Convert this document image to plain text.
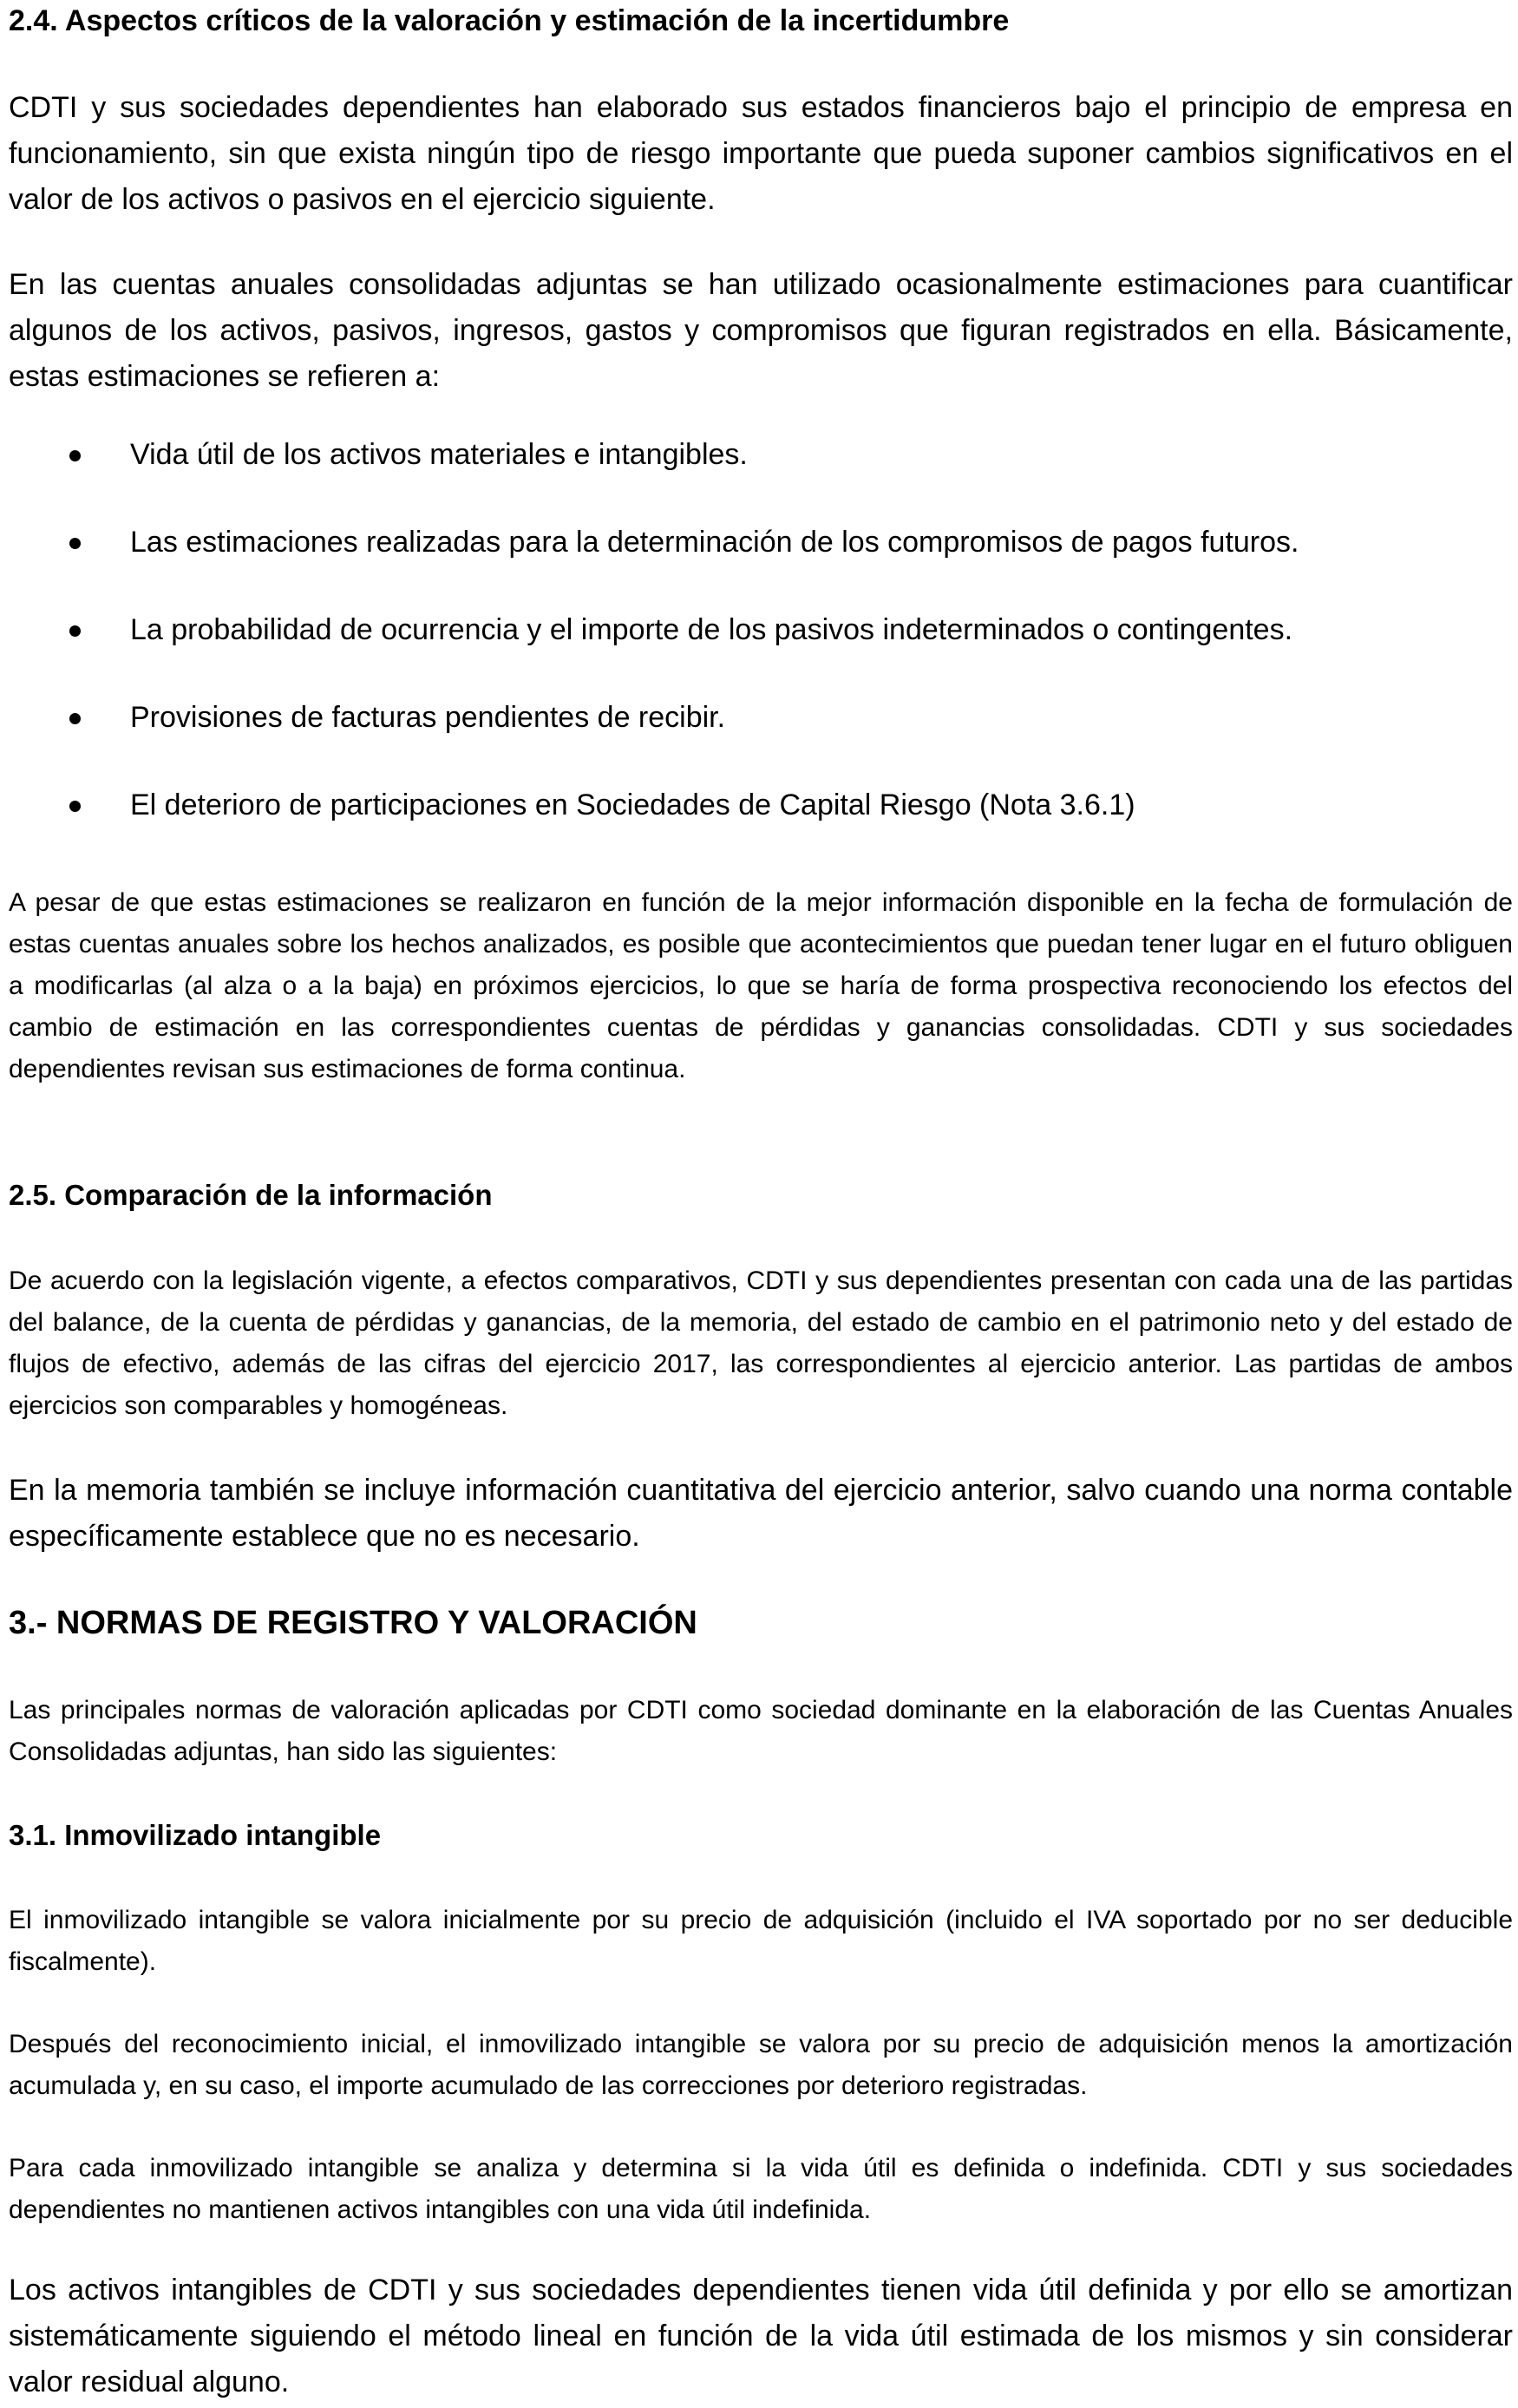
2.4. Aspectos críticos de la valoración y estimación de la incertidumbre

CDTI y sus sociedades dependientes han elaborado sus estados financieros bajo el principio de empresa en funcionamiento, sin que exista ningún tipo de riesgo importante que pueda suponer cambios significativos en el valor de los activos o pasivos en el ejercicio siguiente.

En las cuentas anuales consolidadas adjuntas se han utilizado ocasionalmente estimaciones para cuantificar algunos de los activos, pasivos, ingresos, gastos y compromisos que figuran registrados en ella. Básicamente, estas estimaciones se refieren a:

Vida útil de los activos materiales e intangibles.
Las estimaciones realizadas para la determinación de los compromisos de pagos futuros.
La probabilidad de ocurrencia y el importe de los pasivos indeterminados o contingentes.
Provisiones de facturas pendientes de recibir.
El deterioro de participaciones en Sociedades de Capital Riesgo (Nota 3.6.1)

A pesar de que estas estimaciones se realizaron en función de la mejor información disponible en la fecha de formulación de estas cuentas anuales sobre los hechos analizados, es posible que acontecimientos que puedan tener lugar en el futuro obliguen a modificarlas (al alza o a la baja) en próximos ejercicios, lo que se haría de forma prospectiva reconociendo los efectos del cambio de estimación en las correspondientes cuentas de pérdidas y ganancias consolidadas. CDTI y sus sociedades dependientes revisan sus estimaciones de forma continua.

2.5. Comparación de la información

De acuerdo con la legislación vigente, a efectos comparativos, CDTI y sus dependientes presentan con cada una de las partidas del balance, de la cuenta de pérdidas y ganancias, de la memoria, del estado de cambio en el patrimonio neto y del estado de flujos de efectivo, además de las cifras del ejercicio 2017, las correspondientes al ejercicio anterior. Las partidas de ambos ejercicios son comparables y homogéneas.

En la memoria también se incluye información cuantitativa del ejercicio anterior, salvo cuando una norma contable específicamente establece que no es necesario.

3.- NORMAS DE REGISTRO Y VALORACIÓN

Las principales normas de valoración aplicadas por CDTI como sociedad dominante en la elaboración de las Cuentas Anuales Consolidadas adjuntas, han sido las siguientes:

3.1. Inmovilizado intangible

El inmovilizado intangible se valora inicialmente por su precio de adquisición (incluido el IVA soportado por no ser deducible fiscalmente).

Después del reconocimiento inicial, el inmovilizado intangible se valora por su precio de adquisición menos la amortización acumulada y, en su caso, el importe acumulado de las correcciones por deterioro registradas.

Para cada inmovilizado intangible se analiza y determina si la vida útil es definida o indefinida. CDTI y sus sociedades dependientes no mantienen activos intangibles con una vida útil indefinida.

Los activos intangibles de CDTI y sus sociedades dependientes tienen vida útil definida y por ello se amortizan sistemáticamente siguiendo el método lineal en función de la vida útil estimada de los mismos y sin considerar valor residual alguno.
